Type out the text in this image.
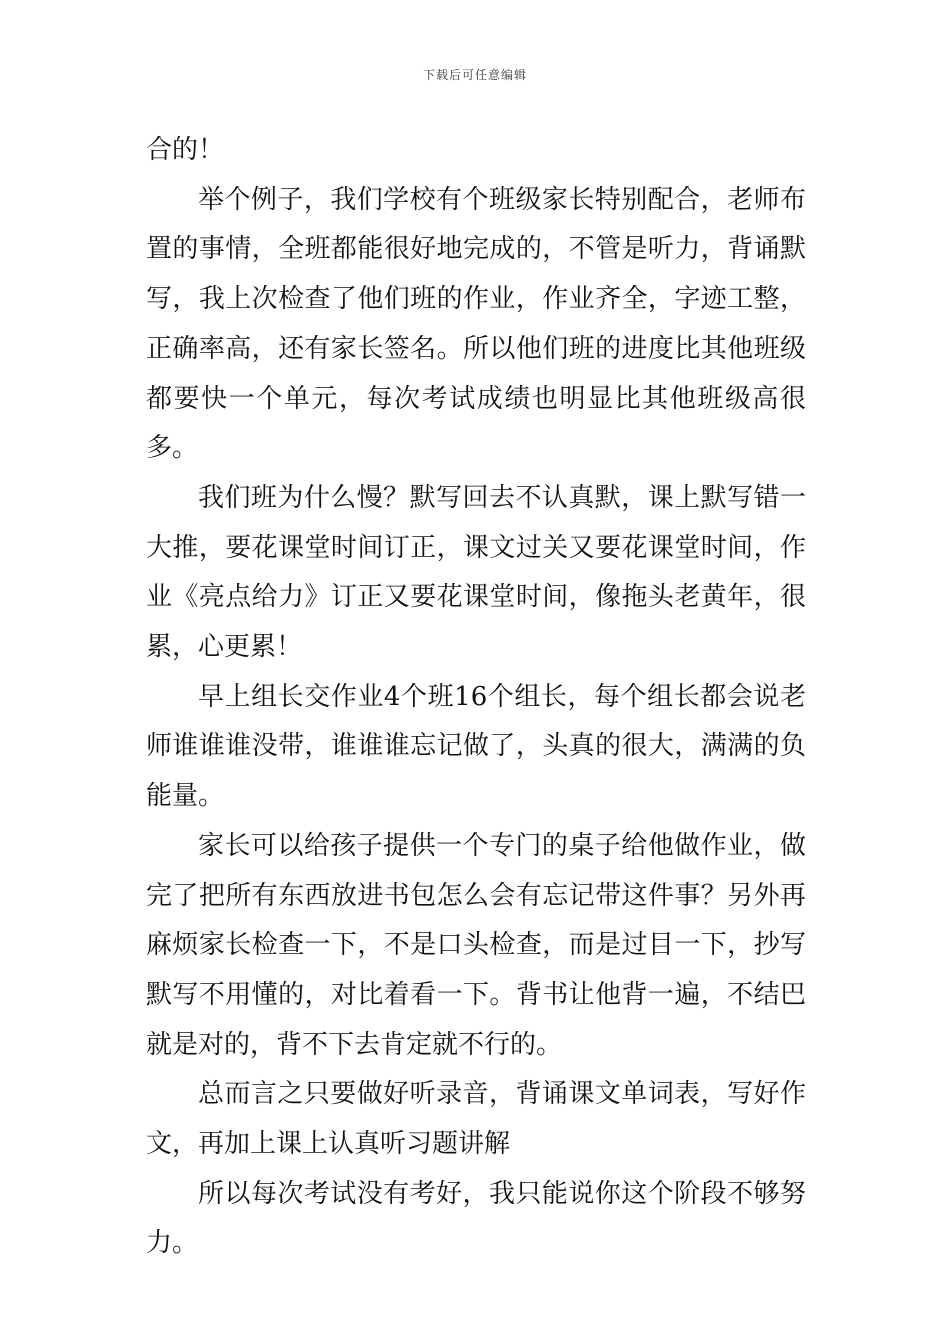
下载后可任意编辑

合的！

举个例子，我们学校有个班级家长特别配合，老师布置的事情，全班都能很好地完成的，不管是听力，背诵默写，我上次检查了他们班的作业，作业齐全，字迹工整，正确率高，还有家长签名。所以他们班的进度比其他班级都要快一个单元，每次考试成绩也明显比其他班级高很多。

我们班为什么慢？默写回去不认真默，课上默写错一大推，要花课堂时间订正，课文过关又要花课堂时间，作业《亮点给力》订正又要花课堂时间，像拖头老黄年，很累，心更累！

早上组长交作业4个班16个组长，每个组长都会说老师谁谁谁没带，谁谁谁忘记做了，头真的很大，满满的负能量。

家长可以给孩子提供一个专门的桌子给他做作业，做完了把所有东西放进书包怎么会有忘记带这件事？另外再麻烦家长检查一下，不是口头检查，而是过目一下，抄写默写不用懂的，对比着看一下。背书让他背一遍，不结巴就是对的，背不下去肯定就不行的。

总而言之只要做好听录音，背诵课文单词表，写好作文，再加上课上认真听习题讲解

所以每次考试没有考好，我只能说你这个阶段不够努力。
